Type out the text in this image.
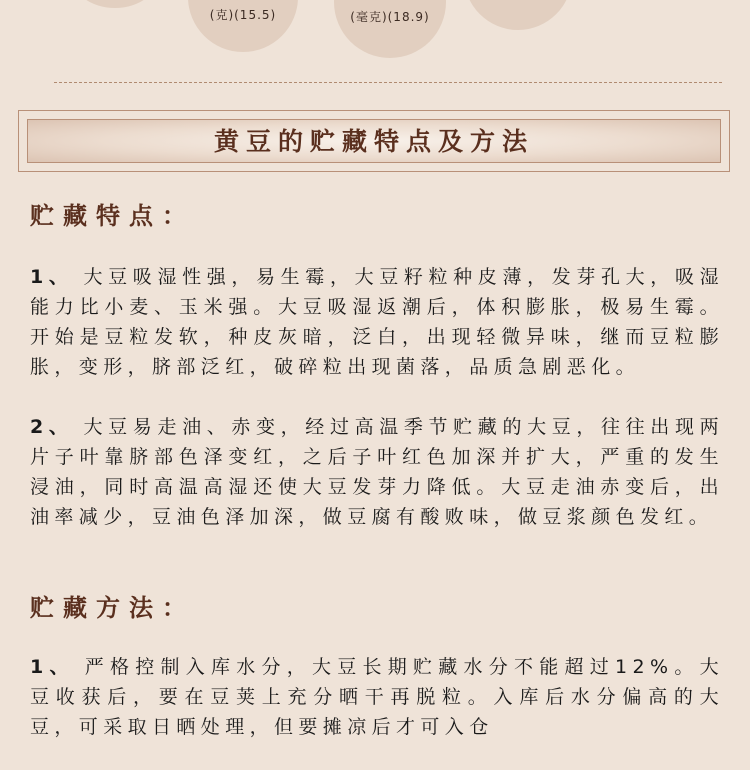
(克)(15.5)	(毫克)(18.9)
黄豆的贮藏特点及方法
贮藏特点：
1、 大豆吸湿性强，易生霉，大豆籽粒种皮薄，发芽孔大，吸湿能力比小麦、玉米强。大豆吸湿返潮后，体积膨胀，极易生霉。开始是豆粒发软，种皮灰暗，泛白，出现轻微异味，继而豆粒膨胀，变形，脐部泛红，破碎粒出现菌落，品质急剧恶化。
2、 大豆易走油、赤变，经过高温季节贮藏的大豆，往往出现两片子叶靠脐部色泽变红，之后子叶红色加深并扩大，严重的发生浸油，同时高温高湿还使大豆发芽力降低。大豆走油赤变后，出油率减少，豆油色泽加深，做豆腐有酸败味，做豆浆颜色发红。
贮藏方法：
1、 严格控制入库水分，大豆长期贮藏水分不能超过12%。大豆收获后，要在豆荚上充分晒干再脱粒。入库后水分偏高的大豆，可采取日晒处理，但要摊凉后才可入仓
